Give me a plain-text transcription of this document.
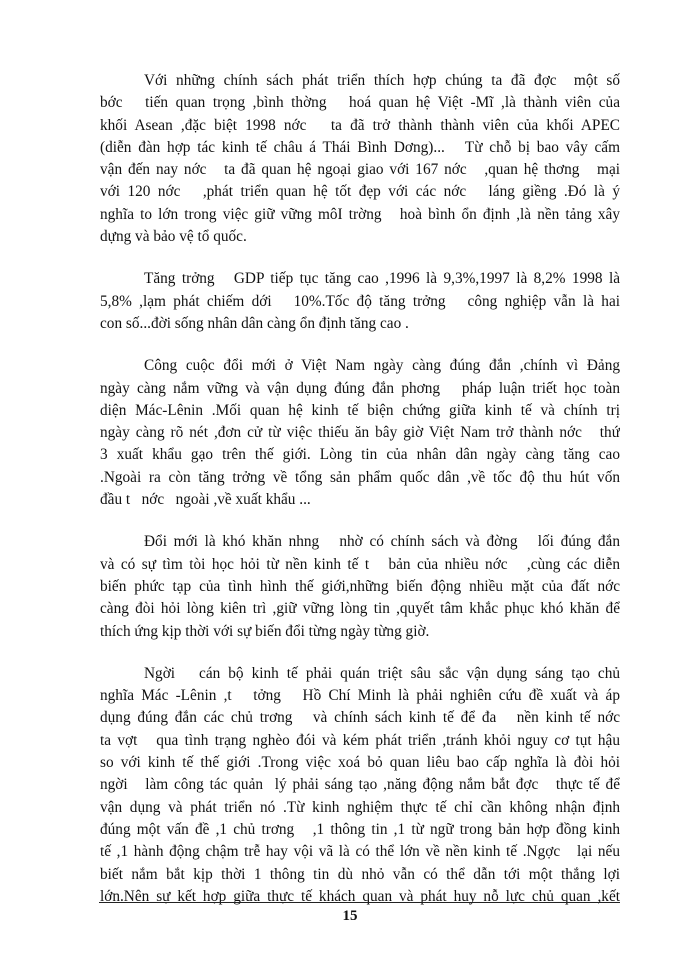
Với những chính sách phát triển thích hợp chúng ta đã đợc  một số
bớc   tiến quan trọng ,bình thờng   hoá quan hệ Việt -Mĩ ,là thành viên của
khối Asean ,đặc biệt 1998 nớc   ta đã trở thành thành viên của khối APEC
(diễn đàn hợp tác kinh tế châu á Thái Bình Dơng)...   Từ chỗ bị bao vây cấm
vận đến nay nớc   ta đã quan hệ ngoại giao với 167 nớc   ,quan hệ thơng   mại
với 120 nớc   ,phát triển quan hệ tốt đẹp với các nớc   láng giềng .Đó là ý
nghĩa to lớn trong việc giữ vững môI trờng   hoà bình ổn định ,là nền tảng xây
dựng và bảo vệ tổ quốc.
Tăng trởng   GDP tiếp tục tăng cao ,1996 là 9,3%,1997 là 8,2% 1998 là
5,8% ,lạm phát chiếm dới   10%.Tốc độ tăng trởng   công nghiệp vẫn là hai
con số...đời sống nhân dân càng ổn định tăng cao .
Công cuộc đổi mới ở Việt Nam ngày càng đúng đắn ,chính vì Đảng
ngày càng nắm vững và vận dụng đúng đắn phơng   pháp luận triết học toàn
diện Mác-Lênin .Mối quan hệ kinh tế biện chứng giữa kinh tế và chính trị
ngày càng rõ nét ,đơn cử từ việc thiếu ăn bây giờ Việt Nam trở thành nớc   thứ
3 xuất khẩu gạo trên thế giới. Lòng tin của nhân dân ngày càng tăng cao
.Ngoài ra còn tăng trởng về tổng sản phẩm quốc dân ,về tốc độ thu hút vốn
đầu t   nớc   ngoài ,về xuất khẩu ...
Đổi mới là khó khăn nhng   nhờ có chính sách và đờng   lối đúng đắn
và có sự tìm tòi học hỏi từ nền kinh tế t   bản của nhiều nớc   ,cùng các diễn
biến phức tạp của tình hình thế giới,những biến động nhiều mặt của đất nớc
càng đòi hỏi lòng kiên trì ,giữ vững lòng tin ,quyết tâm khắc phục khó khăn để
thích ứng kịp thời với sự biến đổi từng ngày từng giờ.
Ngời   cán bộ kinh tế phải quán triệt sâu sắc vận dụng sáng tạo chủ
nghĩa Mác -Lênin ,t   tởng   Hồ Chí Minh là phải nghiên cứu đề xuất và áp
dụng đúng đắn các chủ trơng   và chính sách kinh tế để đa   nền kinh tế nớc
ta vợt   qua tình trạng nghèo đói và kém phát triển ,tránh khỏi nguy cơ tụt hậu
so với kinh tế thế giới .Trong việc xoá bỏ quan liêu bao cấp nghĩa là đòi hỏi
ngời   làm công tác quản  lý phải sáng tạo ,năng động nắm bắt đợc   thực tế để
vận dụng và phát triển nó .Từ kinh nghiệm thực tế chỉ cần không nhận định
đúng một vấn đề ,1 chủ trơng   ,1 thông tin ,1 từ ngữ trong bản hợp đồng kinh
tế ,1 hành động chậm trễ hay vội vã là có thể lớn về nền kinh tế .Ngợc   lại nếu
biết nắm bắt kịp thời 1 thông tin dù nhỏ vẫn có thể dẫn tới một thắng lợi
lớn.Nên sự kết hợp giữa thực tế khách quan và phát huy nỗ lực chủ quan ,kết
15
